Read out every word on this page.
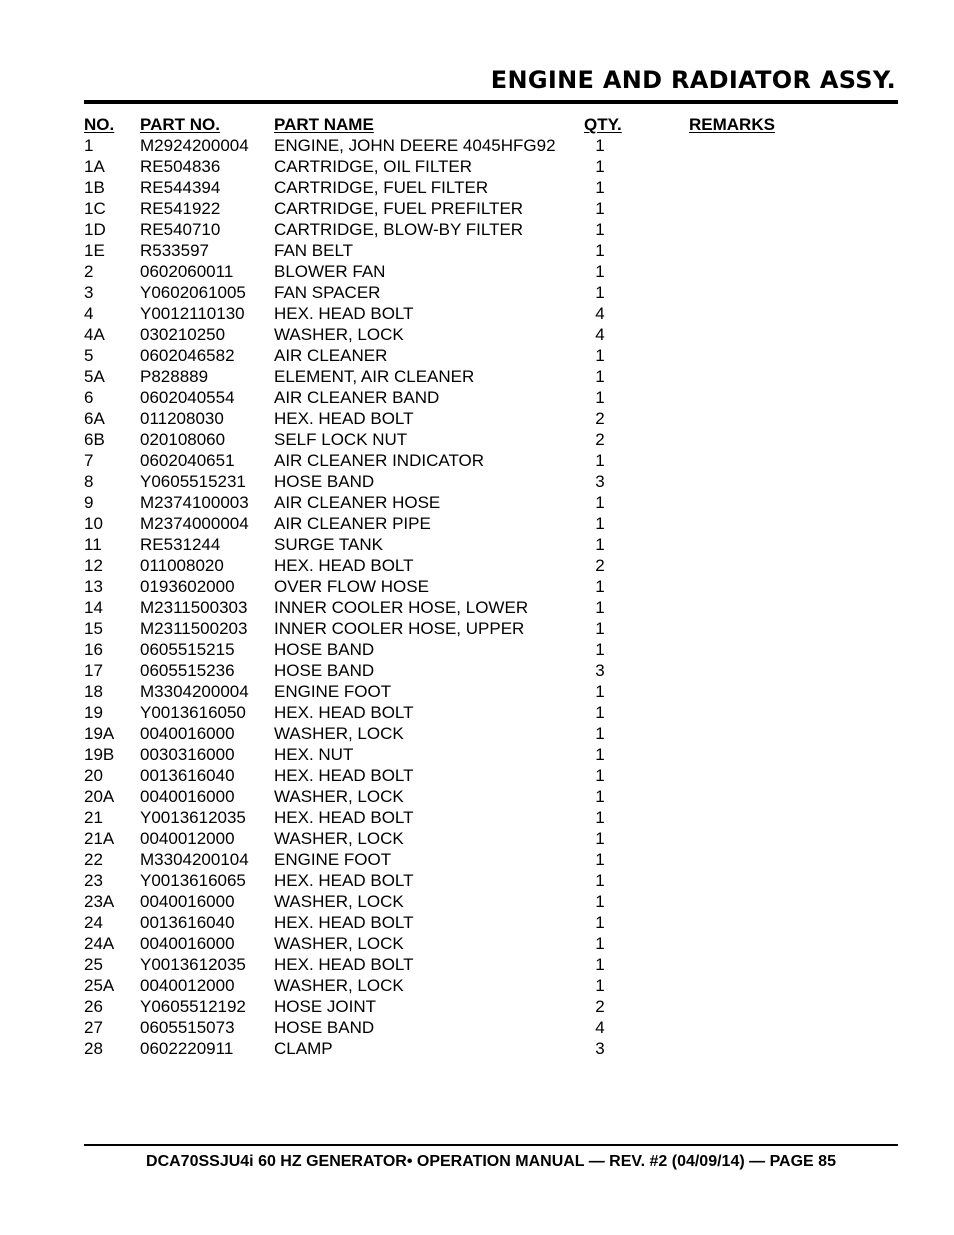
ENGINE AND RADIATOR ASSY.
NO. PART NO.	PART NAME	QTY.	REMARKS
1	M2924200004 ENGINE, JOHN DEERE 4045HFG92	1
1A RE504836	CARTRIDGE, OIL FILTER	1
1B RE544394	CARTRIDGE, FUEL FILTER	1
1C RE541922	CARTRIDGE, FUEL PREFILTER	1
1D RE540710	CARTRIDGE, BLOW-BY FILTER	1
1E R533597	FAN BELT	1
2	0602060011 BLOWER FAN	1
3	Y0602061005 FAN SPACER	1
4	Y0012110130 HEX. HEAD BOLT	4
4A 030210250	WASHER, LOCK	4
5	0602046582 AIR CLEANER	1
5A P828889	ELEMENT, AIR CLEANER	1
6	0602040554 AIR CLEANER BAND	1
6A 011208030	HEX. HEAD BOLT	2
6B 020108060	SELF LOCK NUT	2
7	0602040651 AIR CLEANER INDICATOR	1
8	Y0605515231 HOSE BAND	3
9	M2374100003 AIR CLEANER HOSE	1
10 M2374000004 AIR CLEANER PIPE	1
11 RE531244	SURGE TANK	1
12 011008020	HEX. HEAD BOLT	2
13 0193602000 OVER FLOW HOSE	1
14 M2311500303 INNER COOLER HOSE, LOWER	1
15 M2311500203 INNER COOLER HOSE, UPPER	1
16 0605515215 HOSE BAND	1
17 0605515236 HOSE BAND	3
18 M3304200004 ENGINE FOOT	1
19 Y0013616050 HEX. HEAD BOLT	1
19A 0040016000 WASHER, LOCK	1
19B 0030316000 HEX. NUT	1
20 0013616040 HEX. HEAD BOLT	1
20A 0040016000 WASHER, LOCK	1
21 Y0013612035 HEX. HEAD BOLT	1
21A 0040012000 WASHER, LOCK	1
22 M3304200104 ENGINE FOOT	1
23 Y0013616065 HEX. HEAD BOLT	1
23A 0040016000 WASHER, LOCK	1
24 0013616040 HEX. HEAD BOLT	1
24A 0040016000 WASHER, LOCK	1
25 Y0013612035 HEX. HEAD BOLT	1
25A 0040012000 WASHER, LOCK	1
26 Y0605512192 HOSE JOINT	2
27 0605515073 HOSE BAND	4
28 0602220911 CLAMP	3
DCA70SSJU4i 60 HZ GENERATOR• OPERATION MANUAL — REV. #2 (04/09/14) — PAGE 85
